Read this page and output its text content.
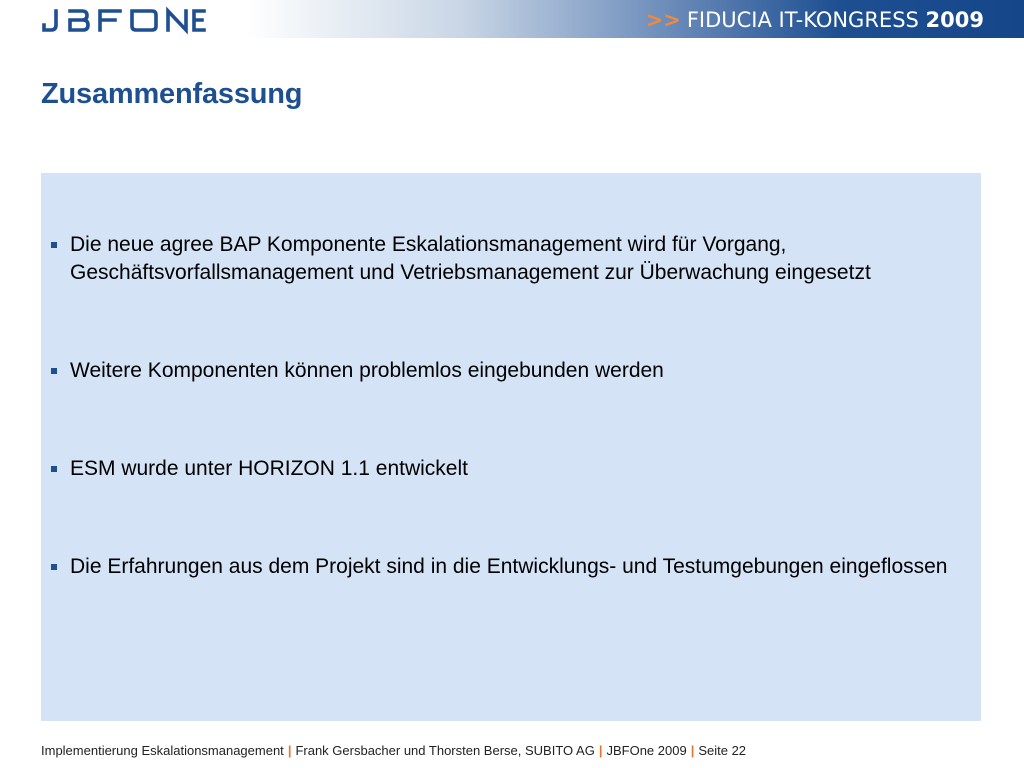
>> FIDUCIA IT-KONGRESS 2009
Zusammenfassung
Die neue agree BAP Komponente Eskalationsmanagement wird für Vorgang, Geschäftsvorfallsmanagement und Vetriebsmanagement zur Überwachung eingesetzt
Weitere Komponenten können problemlos eingebunden werden
ESM wurde unter HORIZON 1.1 entwickelt
Die Erfahrungen aus dem Projekt sind in die Entwicklungs- und Testumgebungen eingeflossen
Implementierung Eskalationsmanagement | Frank Gersbacher und Thorsten Berse, SUBITO AG | JBFOne 2009 | Seite 22
